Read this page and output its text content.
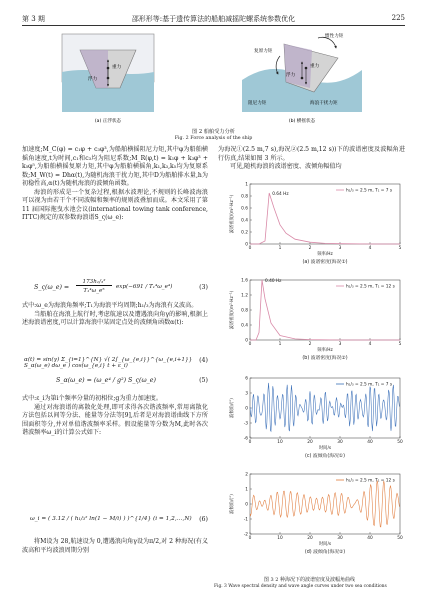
第 3 期	邵形形等:基于遗传算法的船舶减摇陀螺系统参数优化	225
重力
浮力
惯性力矩
复原力矩
重力
浮力
阻尼力矩	海浪干扰力矩
(a) 正浮状态	(b) 横摇状态
图 2 船舶受力分析
Fig. 2 Force analysis of the ship

加速度;M_C(φ) = c₁φ + c₃φ³,为船舶横摇阻尼力矩,其中φ为船舶横摇角速度,t为时间,c₁和c₃均为阻尼系数;M_R(φ,t) = k₁φ + k₃φ³ + k₅φ⁵,为船舶横摇复原力矩,其中φ为船舶横摇角,k₁,k₃,k₅均为复原系数;M_W(t) = Dhα(t),为随机海浪干扰力矩,其中D为船舶排水量,h为初稳性高,α(t)为随机海浪的波倾角函数。

海浪的形成是一个复杂过程,根据水波理论,不规则的长峰波海浪可以视为由若干个不同波幅和频率的规则波叠加而成。本文采用了第 11 届国际拖曳水池会议(international towing tank conference, ITTC)规定的双参数海浪谱S_ς(ω_e):

S_ς(ω_e) =
173h₁/₃²
T₁⁴ω_e⁵
exp(−691 / T₁⁴ω_e⁴)	(3)

式中:ω_e为海浪角频率;T₁为海浪平均周期;h₁/₃为海浪有义波高。

当船舶在海浪上航行时,考虑航速以及遭遇浪向角γ的影响,根据上述海浪谱密度,可以计算海浪中某固定点处的波倾角函数α(t):

α(t) = sin(γ) Σ_{i=1}^{N} √( 2∫_{ω_{e,i}}^{ω_{e,i+1}} S_α(ω_e) dω_e ) cos(ω_{e,i} t + ε_i)
(4)
S_α(ω_e) = (ω_e⁴ / g²) S_ς(ω_e)	(5)

式中:ε_i为第i个频率分量的初相位;g为重力加速度。

通过对海浪谱的离散化处理,即可求得各次谐波频率,常用离散化方法包括以间等分法、能量等分法等[9],后者是对海浪谱曲线下方所围面积等分,并对单值谐波频率采样。假设能量等分数为M,此时各次谐波频率ω_i的计算公式如下:

ω_i = ( 3.12 / ( h₁/₃² ln(1 − M/i) ) )^{1/4} (i = 1,2,…,N) (6)

将M设为 28,航速设为 0,遭遇浪向角γ设为π/2,对 2 种海况(有义波高和平均波浪周期分别

为海况①(2.5 m,7 s),海况②(2.5 m,12 s))下的波谱密度及波幅角进行仿真,结果如图 3 所示。

可见,随机海浪的波谱密度、波倾角幅值均

0	1	2	3	4	5
0
0.2
0.4
0.6
0.8
1
频率/Hz
波谱密度/(m²·Hz⁻¹)
0.64 Hz
h₁/₃ = 2.5 m, T₁ = 7 s
(a) 波谱密度(海况①)
0	1	2	3	4	5
0
0.4
0.8
1.2
1.6
频率/Hz
波谱密度/(m²·Hz⁻¹)
0.40 Hz
h₁/₃ = 2.5 m, T₁ = 12 s
(b) 波谱密度(海况②)
0	10	20	30	40	50
-6
-3
0
3
6
时间/s
波倾角/(°)
h₁/₃ = 2.5 m, T₁ = 7 s
(c) 波倾角(海况①)
0	10	20	30	40	50
-2
-1
0
1
2
时间/s
波倾角/(°)
h₁/₃ = 2.5 m, T₁ = 12 s
(d) 波倾角(海况②)
图 3 2 种海况下的波谱密度及波幅角曲线
Fig. 3 Wave spectral density and wave angle curves under two sea conditions
